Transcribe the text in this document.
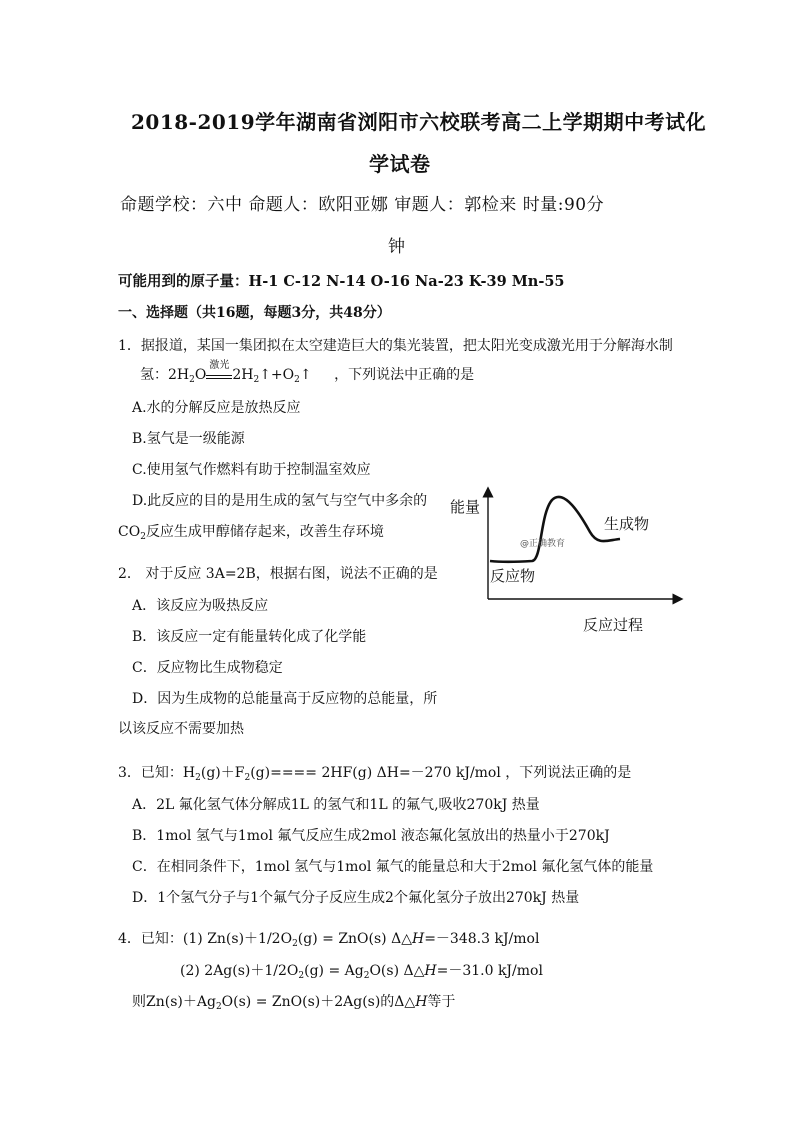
2018-2019学年湖南省浏阳市六校联考高二上学期期中考试化
学试卷
命题学校：六中 命题人：欧阳亚娜 审题人：郭检来 时量:90分
钟
可能用到的原子量：H-1 C-12 N-14 O-16 Na-23 K-39 Mn-55
一、选择题（共16题，每题3分，共48分）
1．据报道，某国一集团拟在太空建造巨大的集光装置，把太阳光变成激光用于分解海水制
氢：$2H_2O$
激光
$2H_2↑+O_2↑$ ，下列说法中正确的是
A.水的分解反应是放热反应
B.氢气是一级能源
C.使用氢气作燃料有助于控制温室效应
D.此反应的目的是用生成的氢气与空气中多余的
$CO_2$反应生成甲醇储存起来，改善生存环境
能量
反应过程
反应物
生成物
@正确教育
2． 对于反应 3A=2B，根据右图，说法不正确的是
A．该反应为吸热反应
B．该反应一定有能量转化成了化学能
C．反应物比生成物稳定
D．因为生成物的总能量高于反应物的总能量，所
以该反应不需要加热
3．已知：$H_2(g)+F_2(g)==== 2HF(g)$ ΔH=－270 kJ/mol ，下列说法正确的是
A．2L 氟化氢气体分解成1L 的氢气和1L 的氟气,吸收270kJ 热量
B．1mol 氢气与1mol 氟气反应生成2mol 液态氟化氢放出的热量小于270kJ
C．在相同条件下，1mol 氢气与1mol 氟气的能量总和大于2mol 氟化氢气体的能量
D．1个氢气分子与1个氟气分子反应生成2个氟化氢分子放出270kJ 热量
4．已知：(1) $Zn(s)+1/2O_2(g) = ZnO(s)$ Δ△H=－348.3 kJ/mol
(2) $2Ag(s)+1/2O_2(g) = Ag_2O(s)$ Δ△H=－31.0 kJ/mol
则$Zn(s)+Ag_2O(s) = ZnO(s)+2Ag(s)$的Δ△H等于
